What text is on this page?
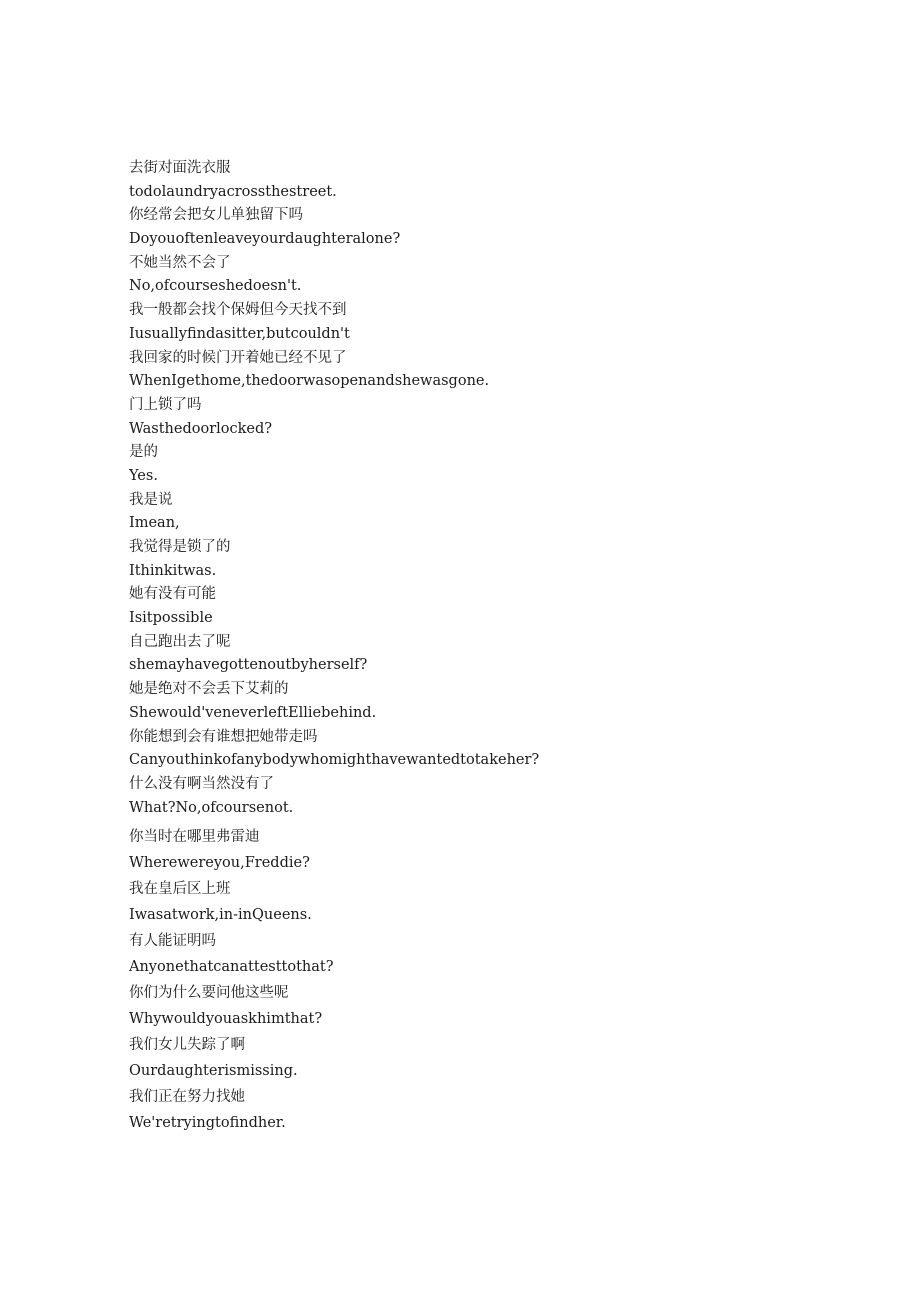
去街对面洗衣服
todolaundryacrossthestreet.
你经常会把女儿单独留下吗
Doyouoftenleaveyourdaughteralone?
不她当然不会了
No,ofcourseshedoesn't.
我一般都会找个保姆但今天找不到
Iusuallyfindasitter,butcouldn't
我回家的时候门开着她已经不见了
WhenIgethome,thedoorwasopenandshewasgone.
门上锁了吗
Wasthedoorlocked?
是的
Yes.
我是说
Imean,
我觉得是锁了的
Ithinkitwas.
她有没有可能
Isitpossible
自己跑出去了呢
shemayhavegottenoutbyherself?
她是绝对不会丢下艾莉的
Shewould'veneverleftElliebehind.
你能想到会有谁想把她带走吗
Canyouthinkofanybodywhomighthavewantedtotakeher?
什么没有啊当然没有了
What?No,ofcoursenot.
你当时在哪里弗雷迪
Wherewereyou,Freddie?
我在皇后区上班
Iwasatwork,in-inQueens.
有人能证明吗
Anyonethatcanattesttothat?
你们为什么要问他这些呢
Whywouldyouaskhimthat?
我们女儿失踪了啊
Ourdaughterismissing.
我们正在努力找她
We'retryingtofindher.
